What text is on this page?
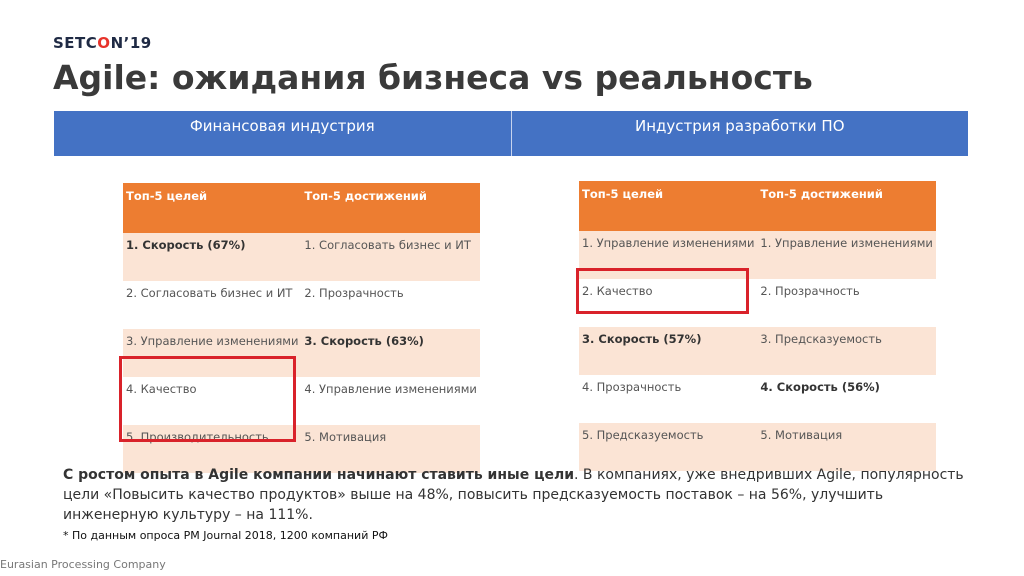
SETCON’19
Agile: ожидания бизнеса vs реальность
Финансовая индустрия	Индустрия разработки ПО
Топ-5 целей	Топ-5 достижений
1. Скорость (67%)	1. Согласовать бизнес и ИТ
2. Согласовать бизнес и ИТ	2. Прозрачность
3. Управление изменениями	3. Скорость (63%)
4. Качество	4. Управление изменениями
5. Производительность	5. Мотивация
Топ-5 целей	Топ-5 достижений
1. Управление изменениями	1. Управление изменениями
2. Качество	2. Прозрачность
3. Скорость (57%)	3. Предсказуемость
4. Прозрачность	4. Скорость (56%)
5. Предсказуемость	5. Мотивация
С ростом опыта в Agile компании начинают ставить иные цели. В компаниях, уже внедривших Agile, популярность цели «Повысить качество продуктов» выше на 48%, повысить предсказуемость поставок – на 56%, улучшить инженерную культуру – на 111%.
* По данным опроса PM Journal 2018, 1200 компаний РФ
Eurasian Processing Company
